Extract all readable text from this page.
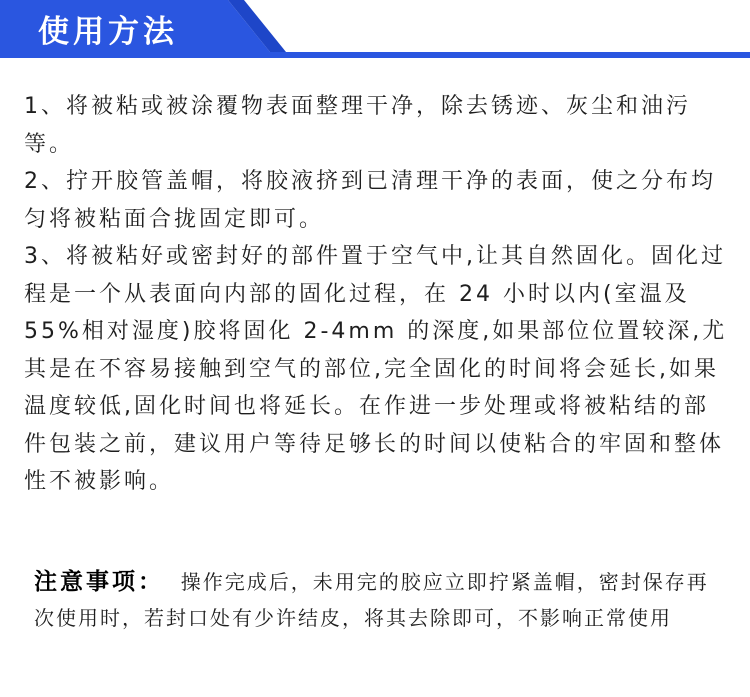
使用方法

1、将被粘或被涂覆物表面整理干净，除去锈迹、灰尘和油污等。

2、拧开胶管盖帽，将胶液挤到已清理干净的表面，使之分布均匀将被粘面合拢固定即可。

3、将被粘好或密封好的部件置于空气中,让其自然固化。固化过程是一个从表面向内部的固化过程，在 24 小时以内(室温及 55%相对湿度)胶将固化 2-4mm 的深度,如果部位位置较深,尤其是在不容易接触到空气的部位,完全固化的时间将会延长,如果温度较低,固化时间也将延长。在作进一步处理或将被粘结的部件包装之前，建议用户等待足够长的时间以使粘合的牢固和整体性不被影响。

注意事项： 操作完成后，未用完的胶应立即拧紧盖帽，密封保存再次使用时，若封口处有少许结皮，将其去除即可，不影响正常使用
